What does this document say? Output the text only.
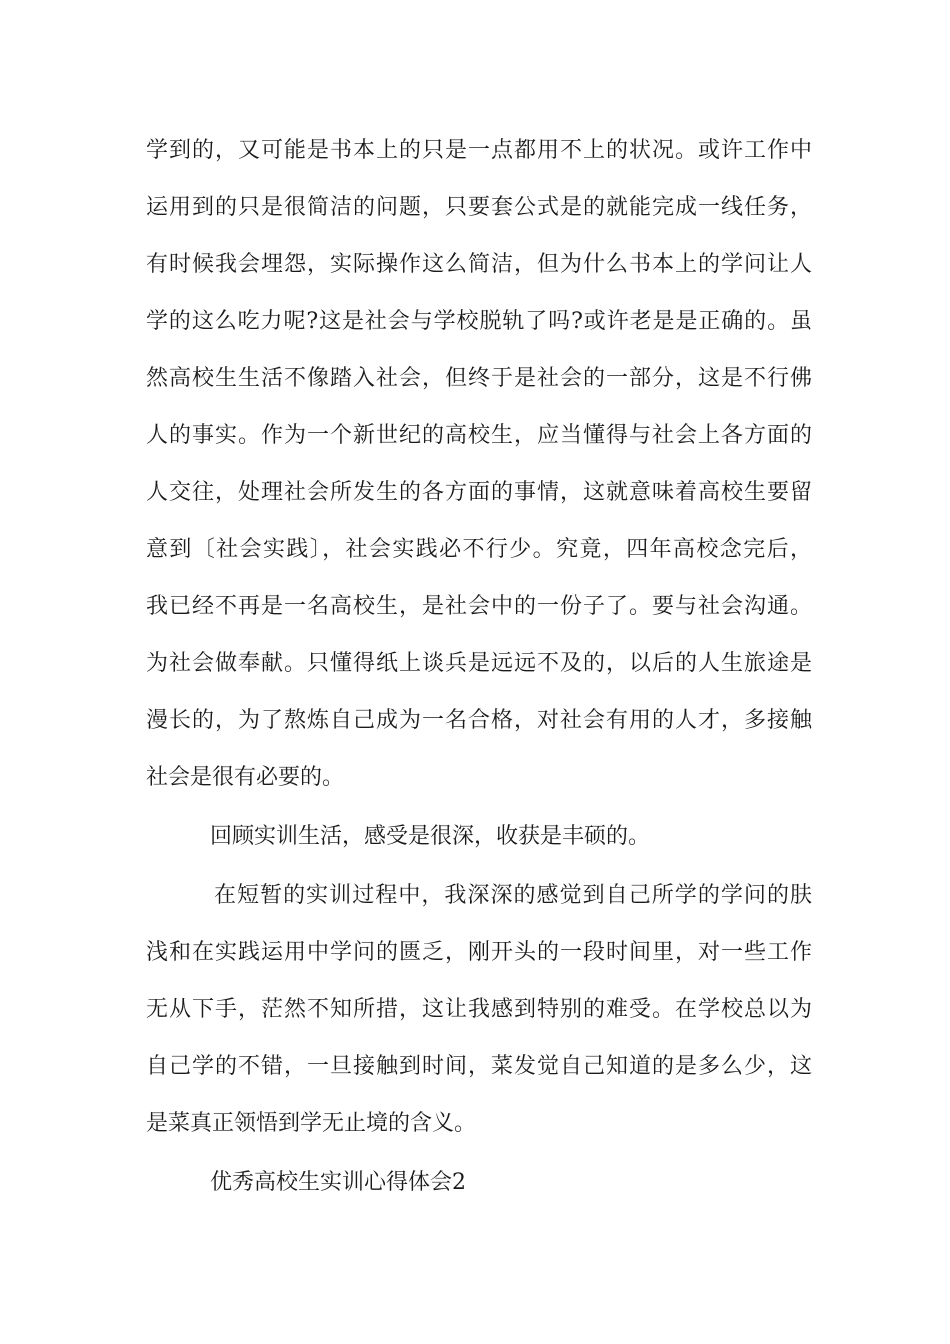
学到的，又可能是书本上的只是一点都用不上的状况。或许工作中
运用到的只是很简洁的问题，只要套公式是的就能完成一线任务，
有时候我会埋怨，实际操作这么简洁，但为什么书本上的学问让人
学的这么吃力呢?这是社会与学校脱轨了吗?或许老是是正确的。虽
然高校生生活不像踏入社会，但终于是社会的一部分，这是不行佛
人的事实。作为一个新世纪的高校生，应当懂得与社会上各方面的
人交往，处理社会所发生的各方面的事情，这就意味着高校生要留
意到〔社会实践〕，社会实践必不行少。究竟，四年高校念完后，
我已经不再是一名高校生，是社会中的一份子了。要与社会沟通。
为社会做奉献。只懂得纸上谈兵是远远不及的，以后的人生旅途是
漫长的，为了熬炼自己成为一名合格，对社会有用的人才，多接触
社会是很有必要的。
回顾实训生活，感受是很深，收获是丰硕的。
在短暂的实训过程中，我深深的感觉到自己所学的学问的肤
浅和在实践运用中学问的匮乏，刚开头的一段时间里，对一些工作
无从下手，茫然不知所措，这让我感到特别的难受。在学校总以为
自己学的不错，一旦接触到时间，菜发觉自己知道的是多么少，这
是菜真正领悟到学无止境的含义。
优秀高校生实训心得体会2
